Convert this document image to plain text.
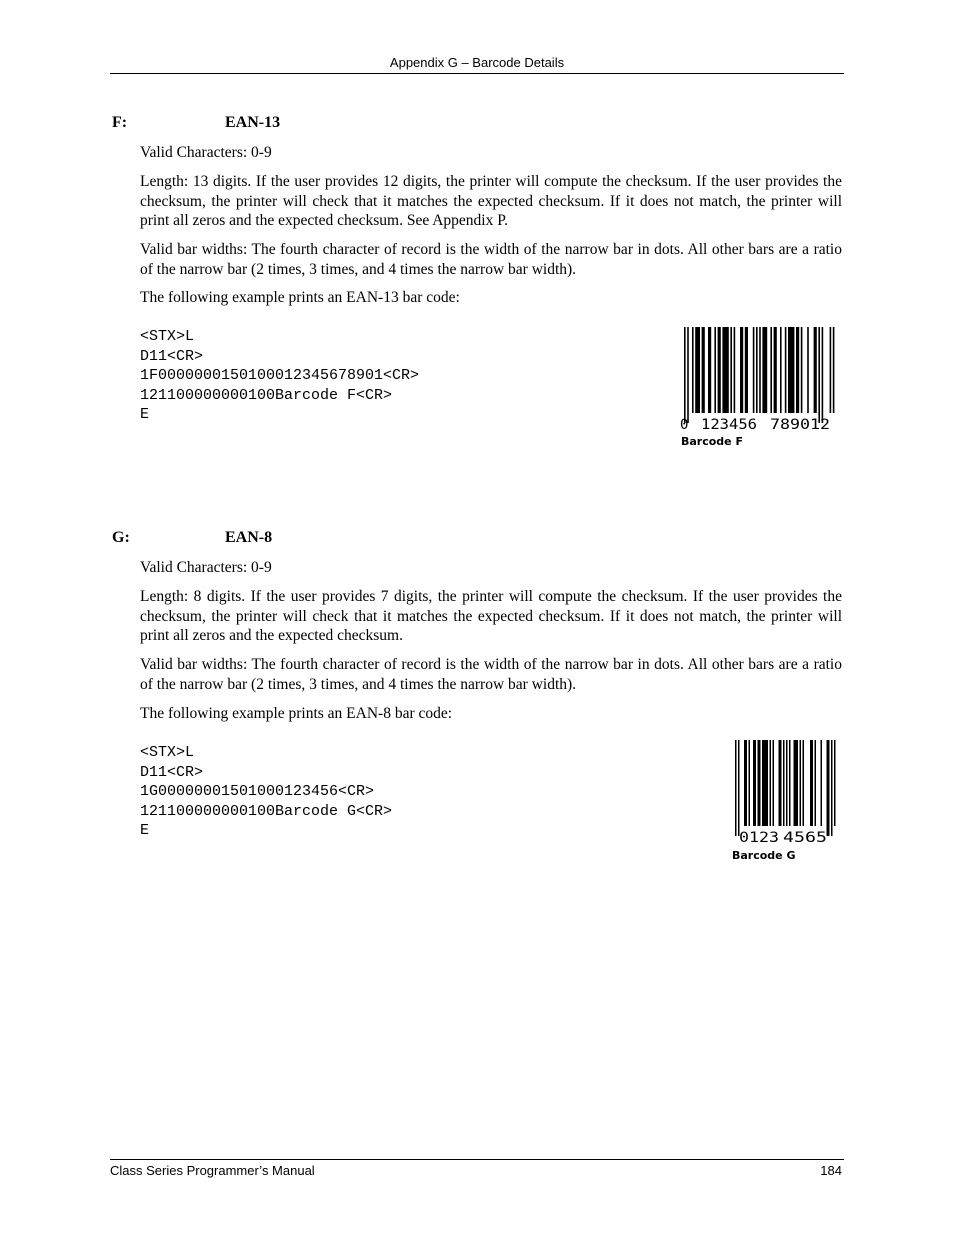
Appendix G – Barcode Details
F:	EAN-13

Valid Characters: 0-9

Length: 13 digits. If the user provides 12 digits, the printer will compute the checksum. If the user provides the checksum, the printer will check that it matches the expected checksum. If it does not match, the printer will print all zeros and the expected checksum. See Appendix P.

Valid bar widths: The fourth character of record is the width of the narrow bar in dots. All other bars are a ratio of the narrow bar (2 times, 3 times, and 4 times the narrow bar width).

The following example prints an EAN-13 bar code:

<STX>L
D11<CR>
1F0000000150100012345678901<CR>
121100000000100Barcode F<CR>
E
0 123456 789012
Barcode F
G:	EAN-8

Valid Characters: 0-9

Length: 8 digits. If the user provides 7 digits, the printer will compute the checksum. If the user provides the checksum, the printer will check that it matches the expected checksum. If it does not match, the printer will print all zeros and the expected checksum.

Valid bar widths: The fourth character of record is the width of the narrow bar in dots. All other bars are a ratio of the narrow bar (2 times, 3 times, and 4 times the narrow bar width).

The following example prints an EAN-8 bar code:

<STX>L
D11<CR>
1G00000001501000123456<CR>
121100000000100Barcode G<CR>
E	0123 4565
Barcode G
Class Series Programmer’s Manual	184
